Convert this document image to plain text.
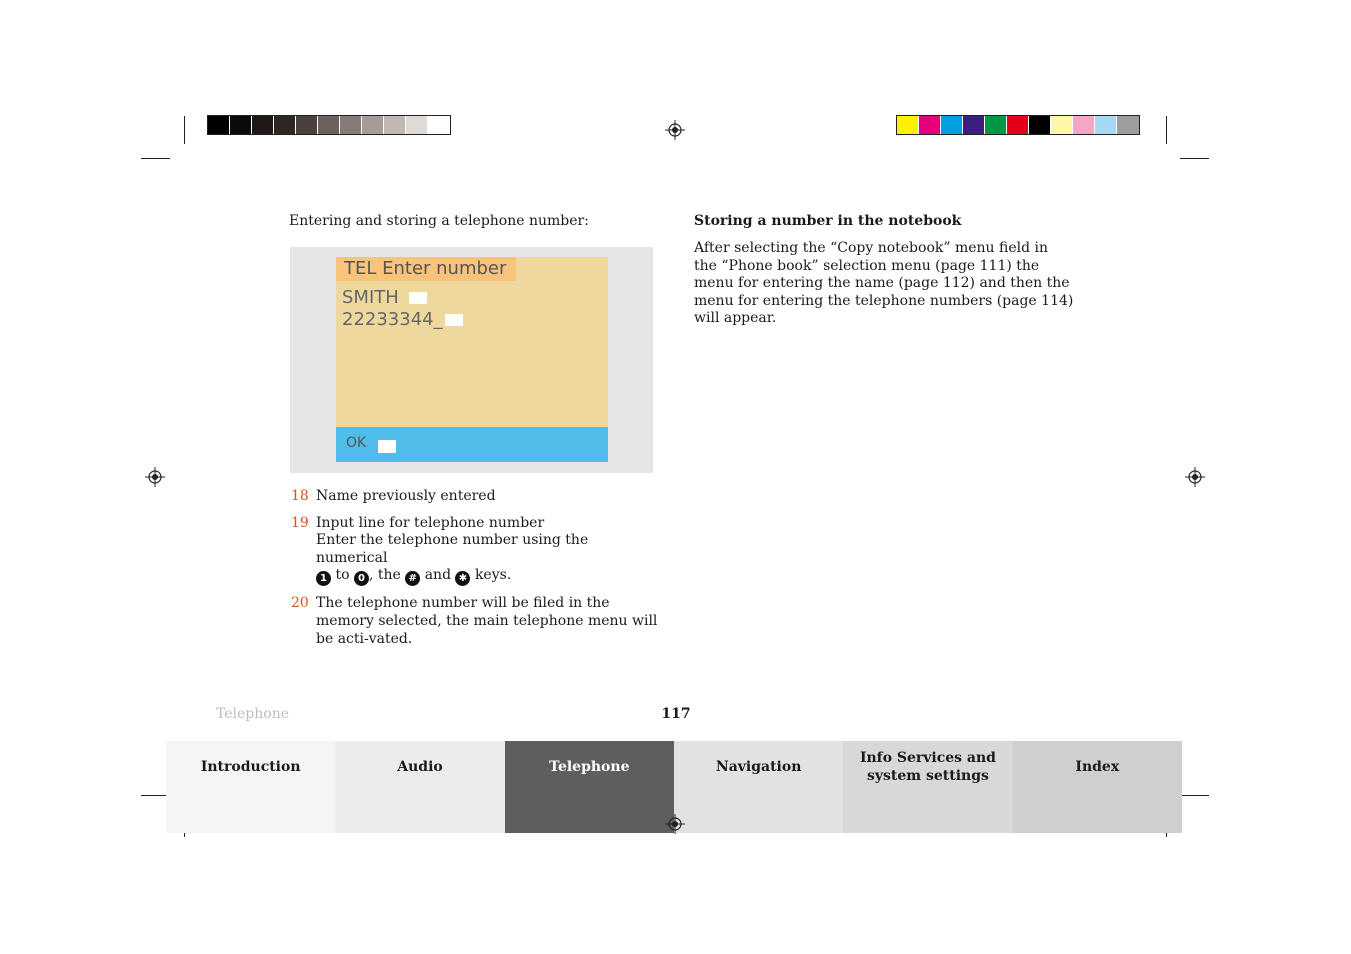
Entering and storing a telephone number:
TEL Enter number
SMITH
22233344_
OK
18 Name previously entered
19 Input line for telephone number
Enter the telephone number using the numerical
1 to 0 , the # and ✱ keys.
20 The telephone number will be filed in the memory selected, the main telephone menu will be acti-vated.
Storing a number in the notebook
After selecting the “Copy notebook” menu field in the “Phone book” selection menu (page 111) the menu for entering the name (page 112) and then the menu for entering the telephone numbers (page 114) will appear.
Telephone	117
Introduction	Audio	Telephone	Navigation
Info Services and system settings
Index
